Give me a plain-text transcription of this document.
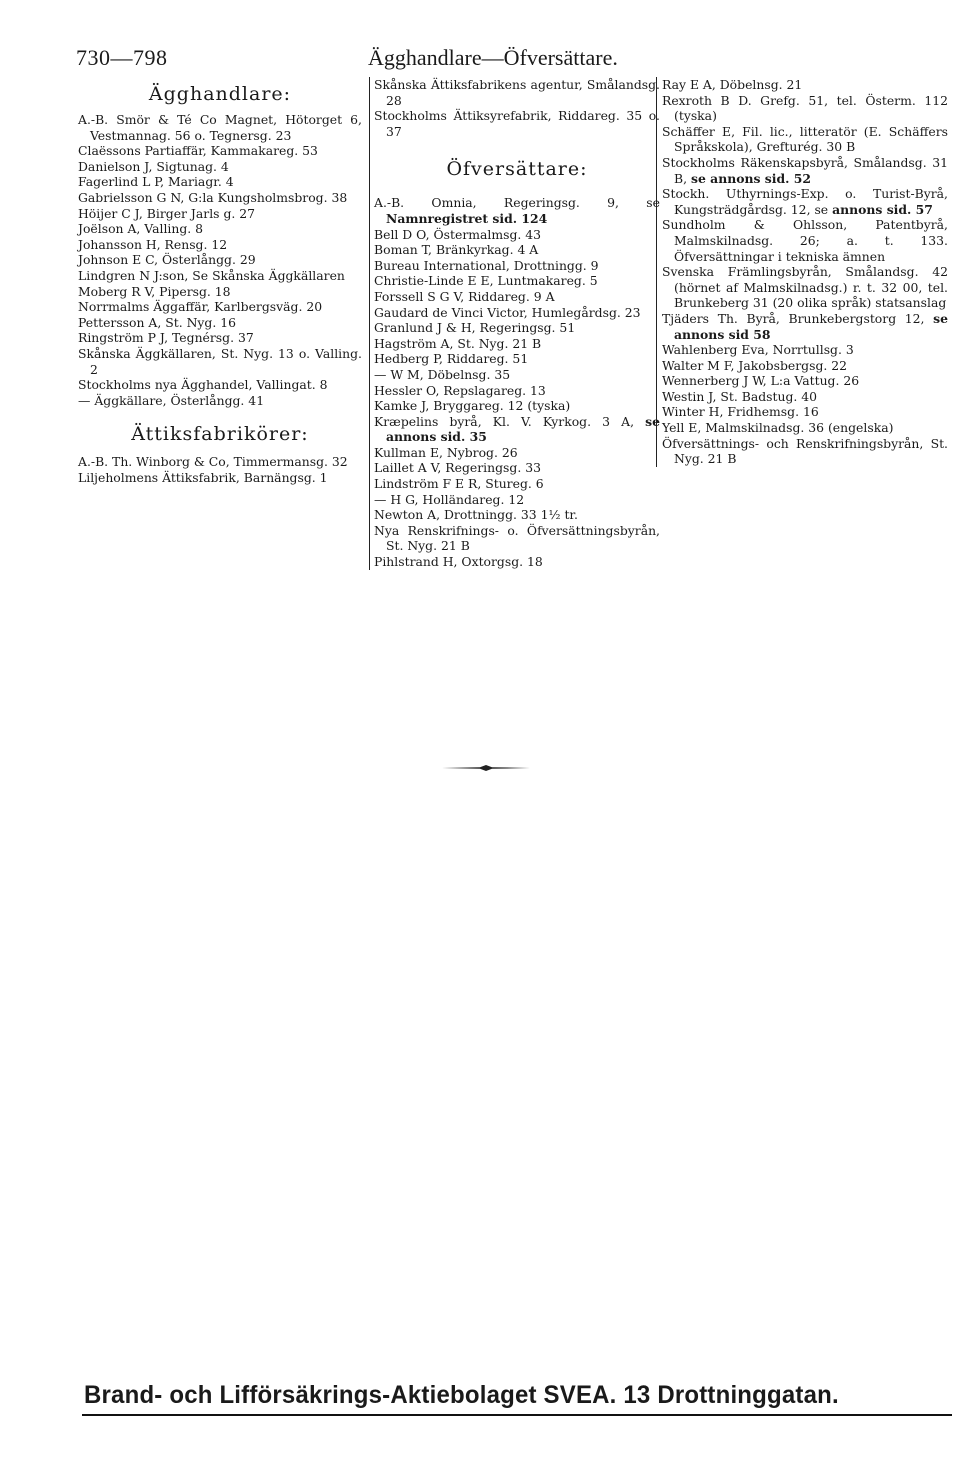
730—798	Ägghandlare—Öfversättare.
Ägghandlare:
A.-B. Smör & Té Co Magnet, Hötorget 6, Vestmannag. 56 o. Tegnersg. 23
Claëssons Partiaffär, Kammakareg. 53
Danielson J, Sigtunag. 4
Fagerlind L P, Mariagr. 4
Gabrielsson G N, G:la Kungsholmsbrog. 38
Höijer C J, Birger Jarls g. 27
Joëlson A, Valling. 8
Johansson H, Rensg. 12
Johnson E C, Österlångg. 29
Lindgren N J:son, Se Skånska Äggkällaren
Moberg R V, Pipersg. 18
Norrmalms Äggaffär, Karlbergsväg. 20
Pettersson A, St. Nyg. 16
Ringström P J, Tegnérsg. 37
Skånska Äggkällaren, St. Nyg. 13 o. Valling. 2
Stockholms nya Ägghandel, Vallingat. 8
— Äggkällare, Österlångg. 41
Ättiksfabrikörer:
A.-B. Th. Winborg & Co, Timmermansg. 32
Liljeholmens Ättiksfabrik, Barnängsg. 1
Skånska Ättiksfabrikens agentur, Smålandsg. 28
Stockholms Ättiksyrefabrik, Riddareg. 35 o. 37
Öfversättare:
A.-B. Omnia, Regeringsg. 9, se Namnregistret sid. 124
Bell D O, Östermalmsg. 43
Boman T, Bränkyrkag. 4 A
Bureau International, Drottningg. 9
Christie-Linde E E, Luntmakareg. 5
Forssell S G V, Riddareg. 9 A
Gaudard de Vinci Victor, Humlegårdsg. 23
Granlund J & H, Regeringsg. 51
Hagström A, St. Nyg. 21 B
Hedberg P, Riddareg. 51
— W M, Döbelnsg. 35
Hessler O, Repslagareg. 13
Kamke J, Bryggareg. 12 (tyska)
Kræpelins byrå, Kl. V. Kyrkog. 3 A, se annons sid. 35
Kullman E, Nybrog. 26
Laillet A V, Regeringsg. 33
Lindström F E R, Stureg. 6
— H G, Holländareg. 12
Newton A, Drottningg. 33 1½ tr.
Nya Renskrifnings- o. Öfversättningsbyrån, St. Nyg. 21 B
Pihlstrand H, Oxtorgsg. 18
Ray E A, Döbelnsg. 21
Rexroth B D. Grefg. 51, tel. Österm. 112 (tyska)
Schäffer E, Fil. lic., litteratör (E. Schäffers Språkskola), Grefturég. 30 B
Stockholms Räkenskapsbyrå, Smålandsg. 31 B, se annons sid. 52
Stockh. Uthyrnings-Exp. o. Turist-Byrå, Kungsträdgårdsg. 12, se annons sid. 57
Sundholm & Ohlsson, Patentbyrå, Malmskilnadsg. 26; a. t. 133. Öfversättningar i tekniska ämnen
Svenska Främlingsbyrån, Smålandsg. 42 (hörnet af Malmskilnadsg.) r. t. 32 00, tel. Brunkeberg 31 (20 olika språk) statsanslag
Tjäders Th. Byrå, Brunkebergstorg 12, se annons sid 58
Wahlenberg Eva, Norrtullsg. 3
Walter M F, Jakobsbergsg. 22
Wennerberg J W, L:a Vattug. 26
Westin J, St. Badstug. 40
Winter H, Fridhemsg. 16
Yell E, Malmskilnadsg. 36 (engelska)
Öfversättnings- och Renskrifningsbyrån, St. Nyg. 21 B
Brand- och Lifförsäkrings-Aktiebolaget SVEA. 13 Drottninggatan.
